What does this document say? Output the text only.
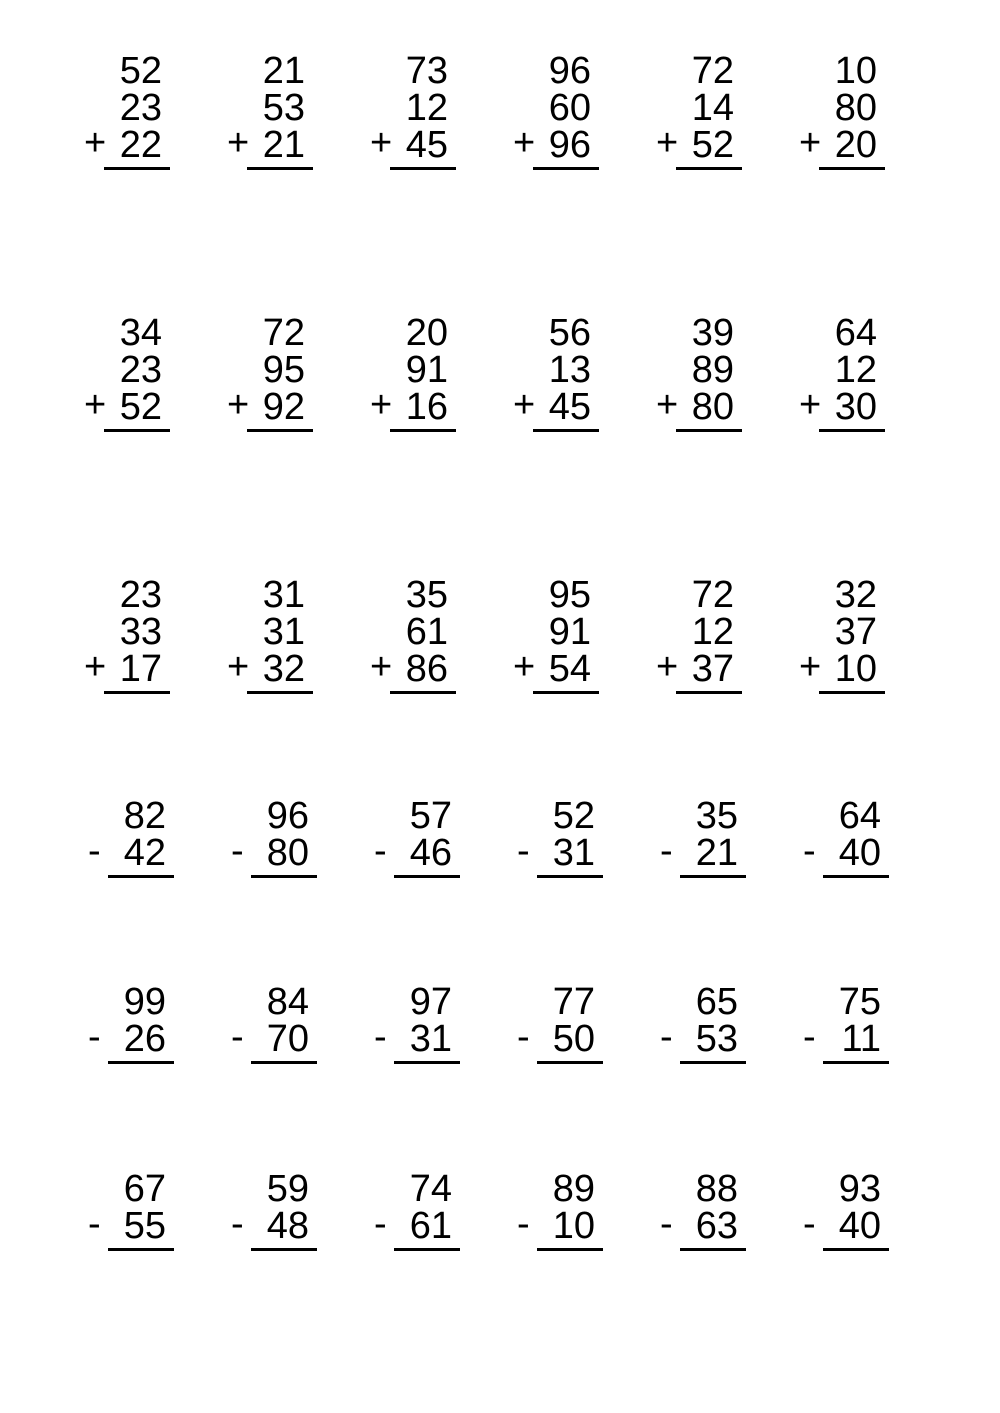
52
23
22
+
21
53
21
+
73
12
45
+
96
60
96
+
72
14
52
+
10
80
20
+
34
23
52
+
72
95
92
+
20
91
16
+
56
13
45
+
39
89
80
+
64
12
30
+
23
33
17
+
31
31
32
+
35
61
86
+
95
91
54
+
72
12
37
+
32
37
10
+
82
42
-
96
80
-
57
46
-
52
31
-
35
21
-
64
40
-
99
26
-
84
70
-
97
31
-
77
50
-
65
53
-
75
11
-
67
55
-
59
48
-
74
61
-
89
10
-
88
63
-
93
40
-
